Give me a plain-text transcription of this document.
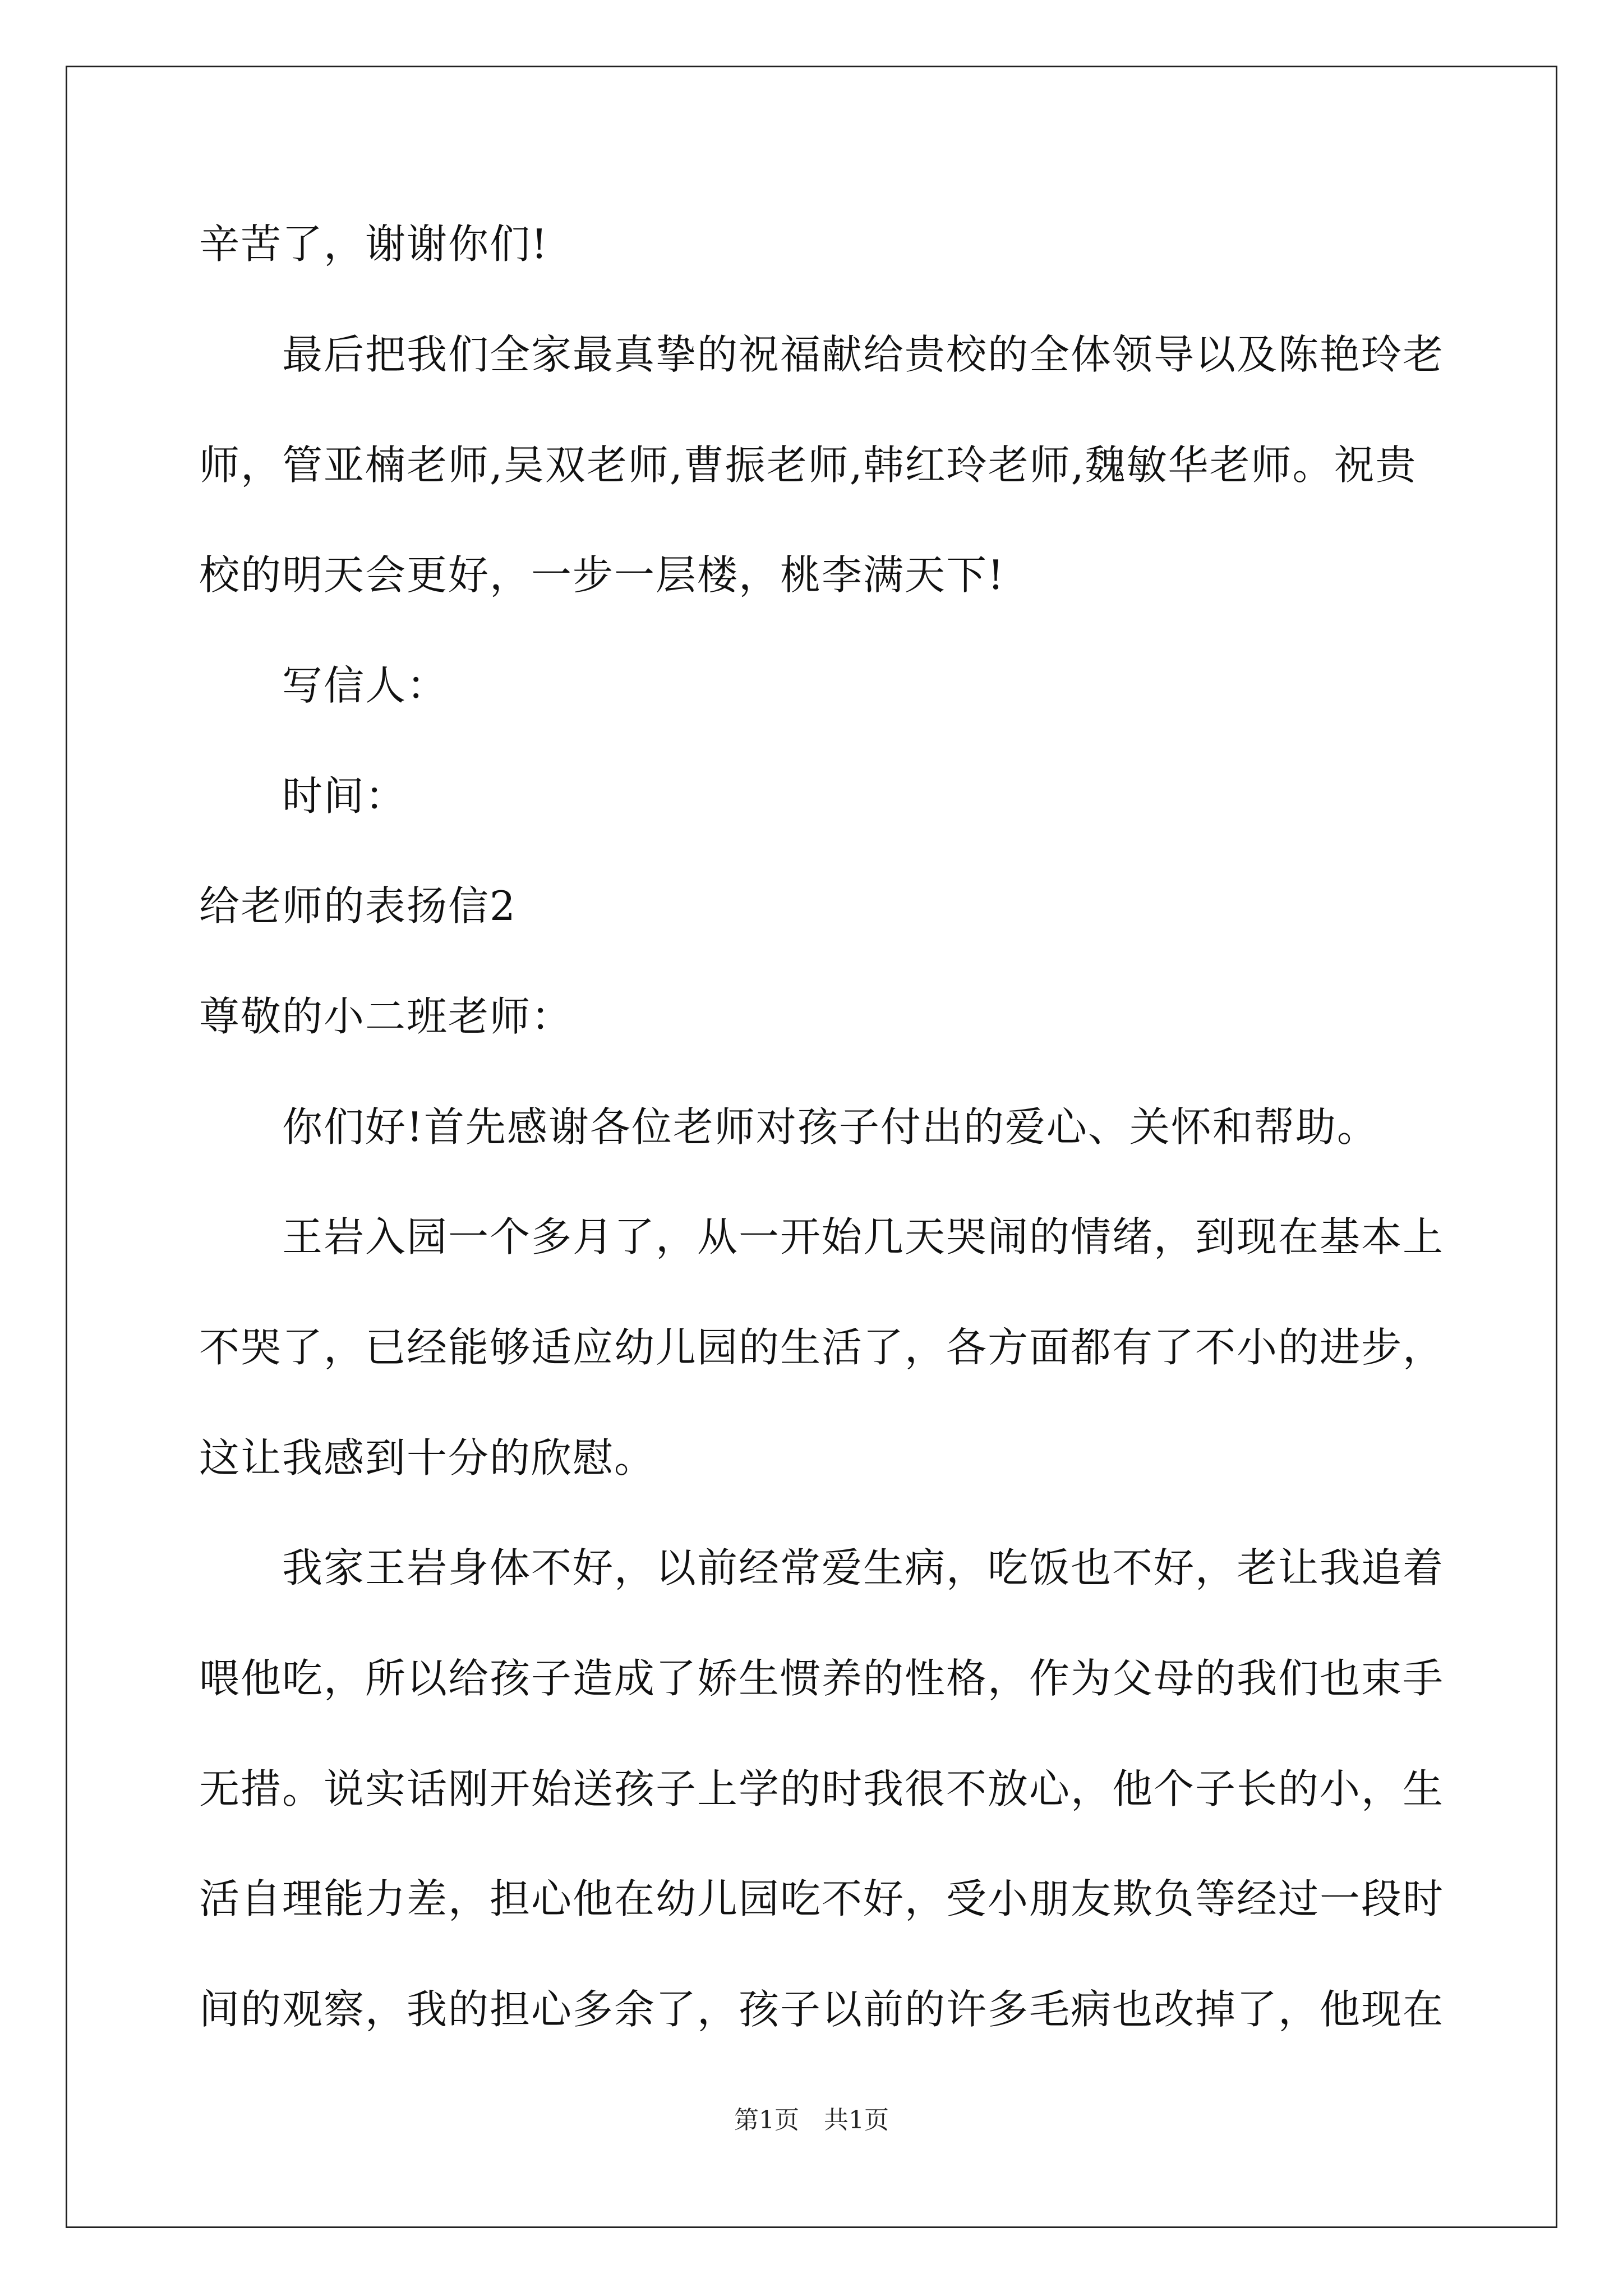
辛苦了，谢谢你们!
最后把我们全家最真挚的祝福献给贵校的全体领导以及陈艳玲老
师，管亚楠老师,吴双老师,曹振老师,韩红玲老师,魏敏华老师。祝贵
校的明天会更好，一步一层楼，桃李满天下!
写信人：
时间：
给老师的表扬信2
尊敬的小二班老师：
你们好!首先感谢各位老师对孩子付出的爱心、关怀和帮助。
王岩入园一个多月了，从一开始几天哭闹的情绪，到现在基本上
不哭了，已经能够适应幼儿园的生活了，各方面都有了不小的进步，
这让我感到十分的欣慰。
我家王岩身体不好，以前经常爱生病，吃饭也不好，老让我追着
喂他吃，所以给孩子造成了娇生惯养的性格，作为父母的我们也束手
无措。说实话刚开始送孩子上学的时我很不放心，他个子长的小，生
活自理能力差，担心他在幼儿园吃不好，受小朋友欺负等经过一段时
间的观察，我的担心多余了，孩子以前的许多毛病也改掉了，他现在
第1页　共1页
